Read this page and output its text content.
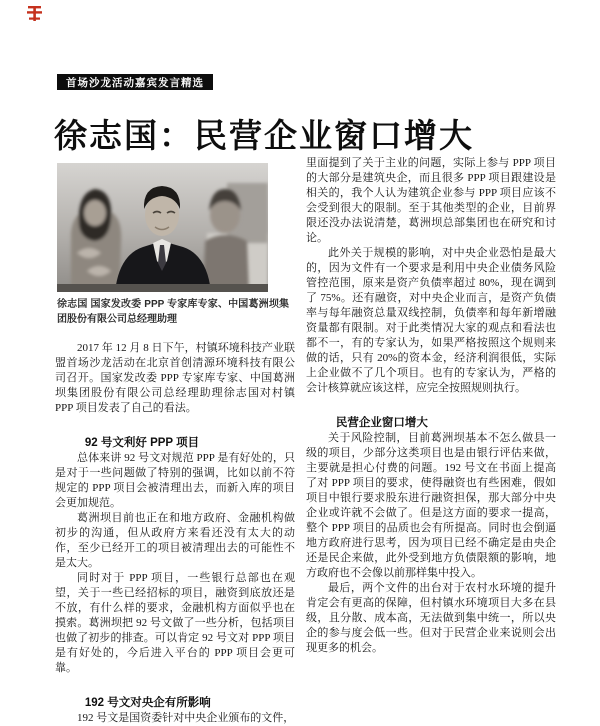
首场沙龙活动嘉宾发言精选
徐志国：民营企业窗口增大
徐志国 国家发改委 PPP 专家库专家、中国葛洲坝集团股份有限公司总经理助理

2017 年 12 月 8 日下午，村镇环境科技产业联盟首场沙龙活动在北京首创清源环境科技有限公司召开。国家发改委 PPP 专家库专家、中国葛洲坝集团股份有限公司总经理助理徐志国对村镇 PPP 项目发表了自己的看法。

92 号文利好 PPP 项目

总体来讲 92 号文对规范 PPP 是有好处的，只是对于一些问题做了特别的强调，比如以前不符规定的 PPP 项目会被清理出去，而新入库的项目会更加规范。

葛洲坝目前也正在和地方政府、金融机构做初步的沟通，但从政府方来看还没有太大的动作，至少已经开工的项目被清理出去的可能性不是太大。

同时对于 PPP 项目，一些银行总部也在观望，关于一些已经招标的项目，融资到底放还是不放，有什么样的要求，金融机构方面似乎也在摸索。葛洲坝把 92 号文做了一些分析，包括项目也做了初步的排查。可以肯定 92 号文对 PPP 项目是有好处的，今后进入平台的 PPP 项目会更可靠。

192 号文对央企有所影响

192 号文是国资委针对中央企业颁布的文件，

里面提到了关于主业的问题，实际上参与 PPP 项目的大部分是建筑央企，而且很多 PPP 项目跟建设是相关的，我个人认为建筑企业参与 PPP 项目应该不会受到很大的限制。至于其他类型的企业，目前界限还没办法说清楚，葛洲坝总部集团也在研究和讨论。

此外关于规模的影响，对中央企业恐怕是最大的，因为文件有一个要求是利用中央企业债务风险管控范围，原来是资产负债率超过 80%，现在调到了 75%。还有融资，对中央企业而言，是资产负债率与每年融资总量双线控制，负债率和每年新增融资量都有限制。对于此类情况大家的观点和看法也都不一，有的专家认为，如果严格按照这个规则来做的话，只有 20%的资本金，经济利润很低，实际上企业做不了几个项目。也有的专家认为，严格的会计核算就应该这样，应完全按照规则执行。

民营企业窗口增大

关于风险控制，目前葛洲坝基本不怎么做县一级的项目，少部分这类项目也是由银行评估来做，主要就是担心付费的问题。192 号文在书面上提高了对 PPP 项目的要求，使得融资也有些困难，假如项目中银行要求股东进行融资担保，那大部分中央企业或许就不会做了。但是这方面的要求一提高，整个 PPP 项目的品质也会有所提高。同时也会倒逼地方政府进行思考，因为项目已经不确定是由央企还是民企来做，此外受到地方负债限额的影响，地方政府也不会像以前那样集中投入。

最后，两个文件的出台对于农村水环境的提升肯定会有更高的保障，但村镇水环境项目大多在县级，且分散、成本高，无法做到集中统一，所以央企的参与度会低一些。但对于民营企业来说则会出现更多的机会。
